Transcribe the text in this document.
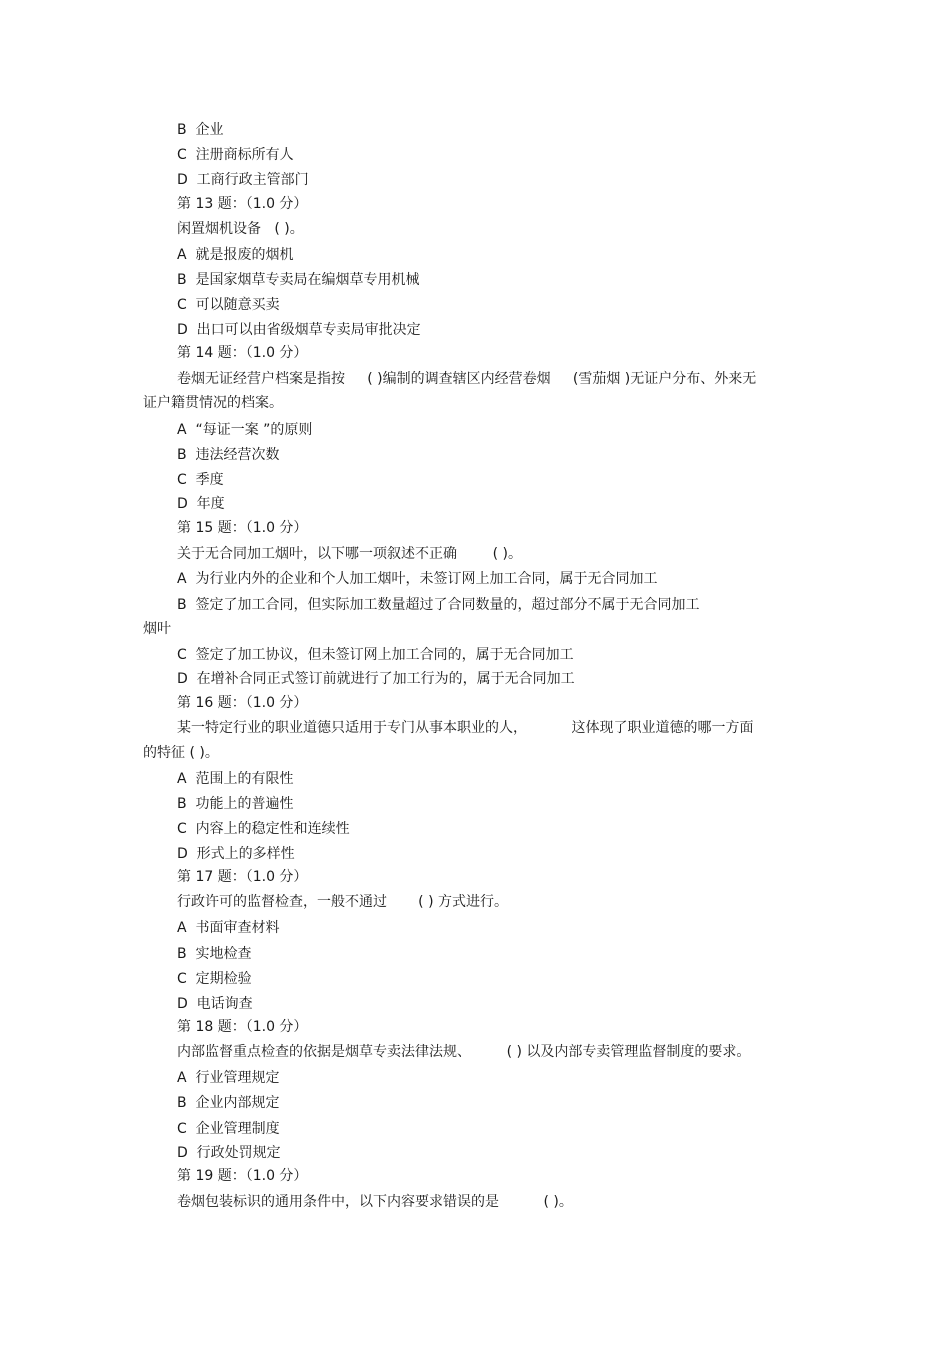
B  企业
C  注册商标所有人
D  工商行政主管部门
第 13 题：（1.0 分）
闲置烟机设备   ( )。
A  就是报废的烟机
B  是国家烟草专卖局在编烟草专用机械
C  可以随意买卖
D  出口可以由省级烟草专卖局审批决定
第 14 题：（1.0 分）
卷烟无证经营户档案是指按     ( )编制的调查辖区内经营卷烟     (雪茄烟 )无证户分布、外来无
证户籍贯情况的档案。
A  “每证一案 ”的原则
B  违法经营次数
C  季度
D  年度
第 15 题：（1.0 分）
关于无合同加工烟叶，以下哪一项叙述不正确        ( )。
A  为行业内外的企业和个人加工烟叶，未签订网上加工合同，属于无合同加工
B  签定了加工合同，但实际加工数量超过了合同数量的，超过部分不属于无合同加工
烟叶
C  签定了加工协议，但未签订网上加工合同的，属于无合同加工
D  在增补合同正式签订前就进行了加工行为的，属于无合同加工
第 16 题：（1.0 分）
某一特定行业的职业道德只适用于专门从事本职业的人，          这体现了职业道德的哪一方面
的特征 ( )。
A  范围上的有限性
B  功能上的普遍性
C  内容上的稳定性和连续性
D  形式上的多样性
第 17 题：（1.0 分）
行政许可的监督检查，一般不通过       ( ) 方式进行。
A  书面审查材料
B  实地检查
C  定期检验
D  电话询查
第 18 题：（1.0 分）
内部监督重点检查的依据是烟草专卖法律法规、        ( ) 以及内部专卖管理监督制度的要求。
A  行业管理规定
B  企业内部规定
C  企业管理制度
D  行政处罚规定
第 19 题：（1.0 分）
卷烟包装标识的通用条件中，以下内容要求错误的是          ( )。
